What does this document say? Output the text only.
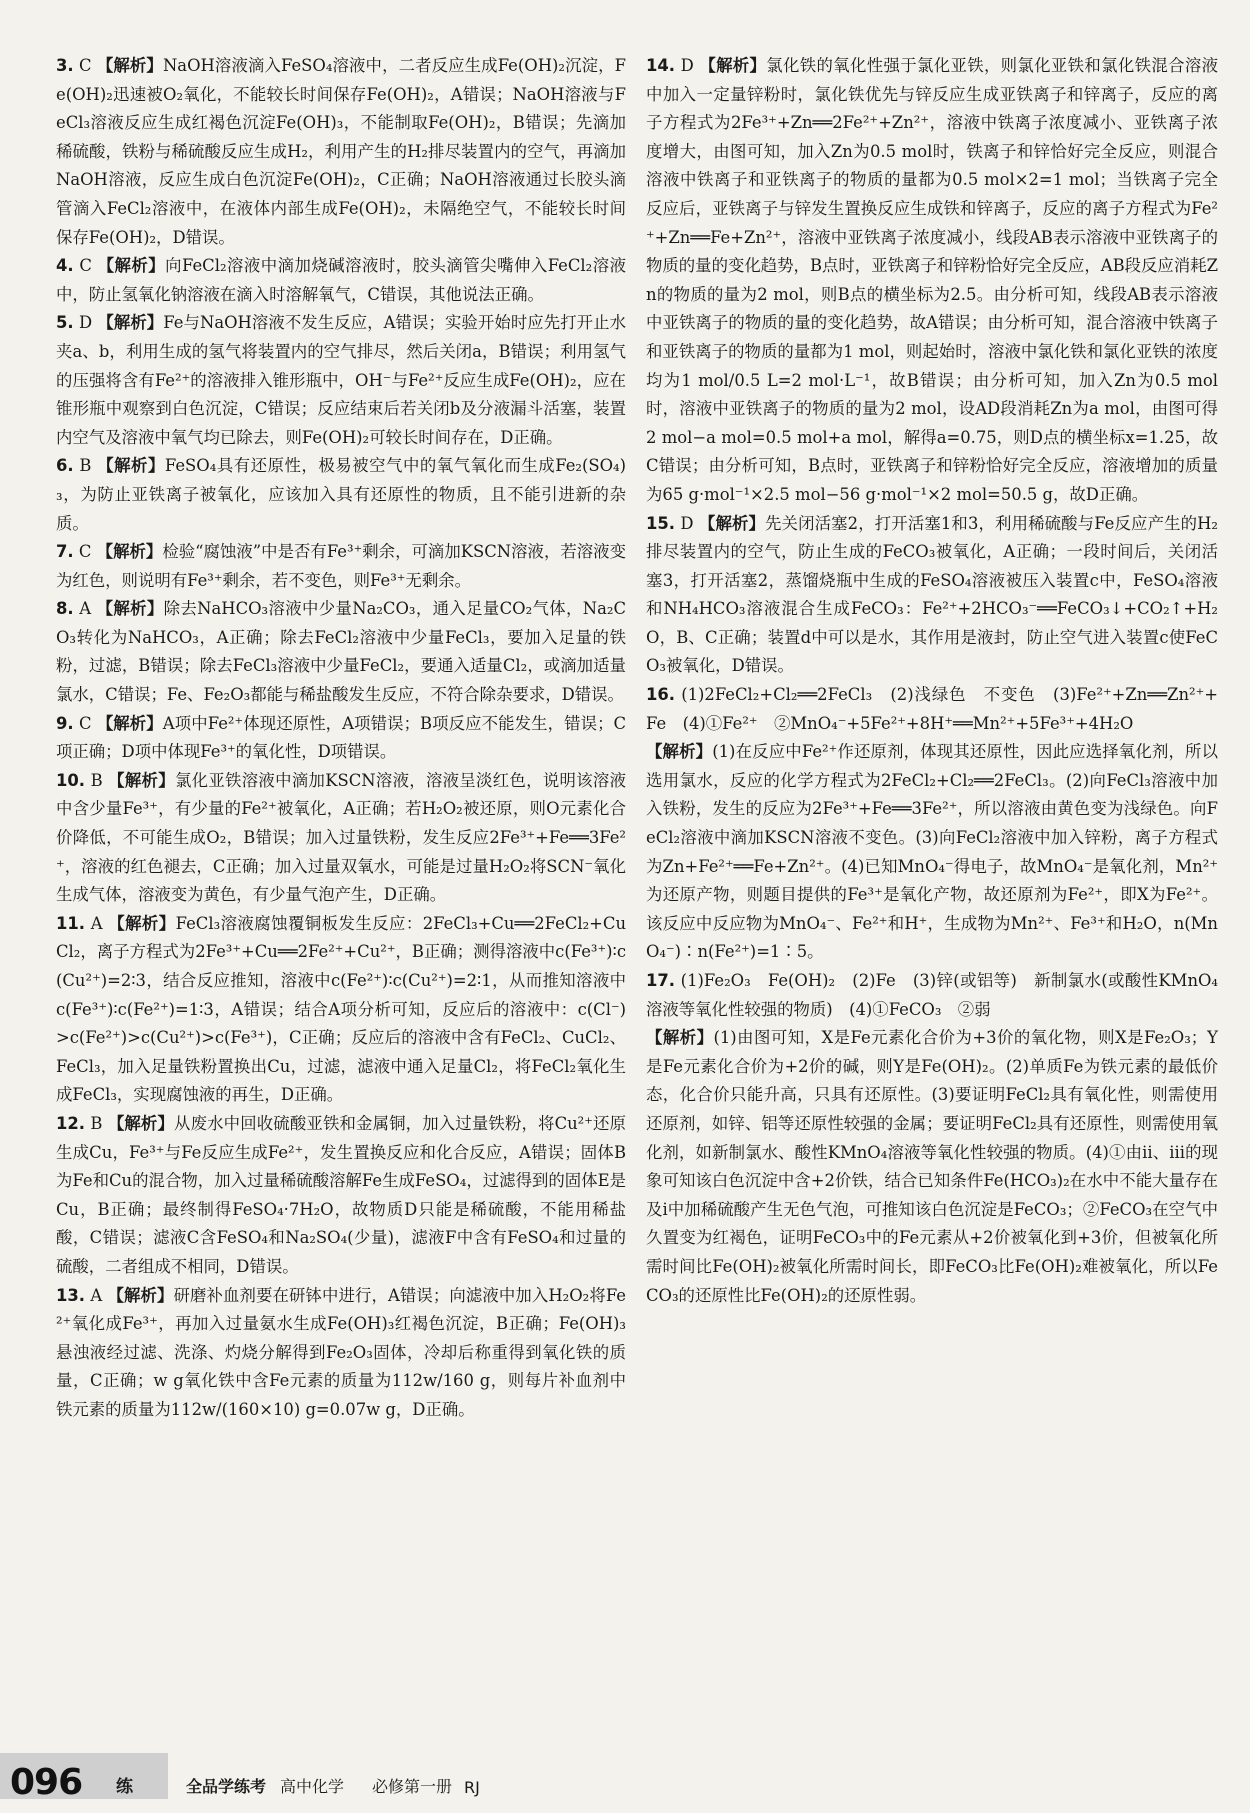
3. C 【解析】NaOH溶液滴入FeSO₄溶液中，二者反应生成Fe(OH)₂沉淀，Fe(OH)₂迅速被O₂氧化，不能较长时间保存Fe(OH)₂，A错误；NaOH溶液与FeCl₃溶液反应生成红褐色沉淀Fe(OH)₃，不能制取Fe(OH)₂，B错误；先滴加稀硫酸，铁粉与稀硫酸反应生成H₂，利用产生的H₂排尽装置内的空气，再滴加NaOH溶液，反应生成白色沉淀Fe(OH)₂，C正确；NaOH溶液通过长胶头滴管滴入FeCl₂溶液中，在液体内部生成Fe(OH)₂，未隔绝空气，不能较长时间保存Fe(OH)₂，D错误。

4. C 【解析】向FeCl₂溶液中滴加烧碱溶液时，胶头滴管尖嘴伸入FeCl₂溶液中，防止氢氧化钠溶液在滴入时溶解氧气，C错误，其他说法正确。

5. D 【解析】Fe与NaOH溶液不发生反应，A错误；实验开始时应先打开止水夹a、b，利用生成的氢气将装置内的空气排尽，然后关闭a，B错误；利用氢气的压强将含有Fe²⁺的溶液排入锥形瓶中，OH⁻与Fe²⁺反应生成Fe(OH)₂，应在锥形瓶中观察到白色沉淀，C错误；反应结束后若关闭b及分液漏斗活塞，装置内空气及溶液中氧气均已除去，则Fe(OH)₂可较长时间存在，D正确。

6. B 【解析】FeSO₄具有还原性，极易被空气中的氧气氧化而生成Fe₂(SO₄)₃，为防止亚铁离子被氧化，应该加入具有还原性的物质，且不能引进新的杂质。

7. C 【解析】检验“腐蚀液”中是否有Fe³⁺剩余，可滴加KSCN溶液，若溶液变为红色，则说明有Fe³⁺剩余，若不变色，则Fe³⁺无剩余。

8. A 【解析】除去NaHCO₃溶液中少量Na₂CO₃，通入足量CO₂气体，Na₂CO₃转化为NaHCO₃，A正确；除去FeCl₂溶液中少量FeCl₃，要加入足量的铁粉，过滤，B错误；除去FeCl₃溶液中少量FeCl₂，要通入适量Cl₂，或滴加适量氯水，C错误；Fe、Fe₂O₃都能与稀盐酸发生反应，不符合除杂要求，D错误。

9. C 【解析】A项中Fe²⁺体现还原性，A项错误；B项反应不能发生，错误；C项正确；D项中体现Fe³⁺的氧化性，D项错误。

10. B 【解析】氯化亚铁溶液中滴加KSCN溶液，溶液呈淡红色，说明该溶液中含少量Fe³⁺，有少量的Fe²⁺被氧化，A正确；若H₂O₂被还原，则O元素化合价降低，不可能生成O₂，B错误；加入过量铁粉，发生反应2Fe³⁺+Fe══3Fe²⁺，溶液的红色褪去，C正确；加入过量双氧水，可能是过量H₂O₂将SCN⁻氧化生成气体，溶液变为黄色，有少量气泡产生，D正确。

11. A 【解析】FeCl₃溶液腐蚀覆铜板发生反应：2FeCl₃+Cu══2FeCl₂+CuCl₂，离子方程式为2Fe³⁺+Cu══2Fe²⁺+Cu²⁺，B正确；测得溶液中c(Fe³⁺)∶c(Cu²⁺)=2∶3，结合反应推知，溶液中c(Fe²⁺)∶c(Cu²⁺)=2∶1，从而推知溶液中c(Fe³⁺)∶c(Fe²⁺)=1∶3，A错误；结合A项分析可知，反应后的溶液中：c(Cl⁻)>c(Fe²⁺)>c(Cu²⁺)>c(Fe³⁺)，C正确；反应后的溶液中含有FeCl₂、CuCl₂、FeCl₃，加入足量铁粉置换出Cu，过滤，滤液中通入足量Cl₂，将FeCl₂氧化生成FeCl₃，实现腐蚀液的再生，D正确。

12. B 【解析】从废水中回收硫酸亚铁和金属铜，加入过量铁粉，将Cu²⁺还原生成Cu，Fe³⁺与Fe反应生成Fe²⁺，发生置换反应和化合反应，A错误；固体B为Fe和Cu的混合物，加入过量稀硫酸溶解Fe生成FeSO₄，过滤得到的固体E是Cu，B正确；最终制得FeSO₄·7H₂O，故物质D只能是稀硫酸，不能用稀盐酸，C错误；滤液C含FeSO₄和Na₂SO₄(少量)，滤液F中含有FeSO₄和过量的硫酸，二者组成不相同，D错误。

13. A 【解析】研磨补血剂要在研钵中进行，A错误；向滤液中加入H₂O₂将Fe²⁺氧化成Fe³⁺，再加入过量氨水生成Fe(OH)₃红褐色沉淀，B正确；Fe(OH)₃悬浊液经过滤、洗涤、灼烧分解得到Fe₂O₃固体，冷却后称重得到氧化铁的质量，C正确；w g氧化铁中含Fe元素的质量为112w/160 g，则每片补血剂中铁元素的质量为112w/(160×10) g=0.07w g，D正确。

14. D 【解析】氯化铁的氧化性强于氯化亚铁，则氯化亚铁和氯化铁混合溶液中加入一定量锌粉时，氯化铁优先与锌反应生成亚铁离子和锌离子，反应的离子方程式为2Fe³⁺+Zn══2Fe²⁺+Zn²⁺，溶液中铁离子浓度减小、亚铁离子浓度增大，由图可知，加入Zn为0.5 mol时，铁离子和锌恰好完全反应，则混合溶液中铁离子和亚铁离子的物质的量都为0.5 mol×2=1 mol；当铁离子完全反应后，亚铁离子与锌发生置换反应生成铁和锌离子，反应的离子方程式为Fe²⁺+Zn══Fe+Zn²⁺，溶液中亚铁离子浓度减小，线段AB表示溶液中亚铁离子的物质的量的变化趋势，B点时，亚铁离子和锌粉恰好完全反应，AB段反应消耗Zn的物质的量为2 mol，则B点的横坐标为2.5。由分析可知，线段AB表示溶液中亚铁离子的物质的量的变化趋势，故A错误；由分析可知，混合溶液中铁离子和亚铁离子的物质的量都为1 mol，则起始时，溶液中氯化铁和氯化亚铁的浓度均为1 mol/0.5 L=2 mol·L⁻¹，故B错误；由分析可知，加入Zn为0.5 mol时，溶液中亚铁离子的物质的量为2 mol，设AD段消耗Zn为a mol，由图可得2 mol−a mol=0.5 mol+a mol，解得a=0.75，则D点的横坐标x=1.25，故C错误；由分析可知，B点时，亚铁离子和锌粉恰好完全反应，溶液增加的质量为65 g·mol⁻¹×2.5 mol−56 g·mol⁻¹×2 mol=50.5 g，故D正确。

15. D 【解析】先关闭活塞2，打开活塞1和3，利用稀硫酸与Fe反应产生的H₂排尽装置内的空气，防止生成的FeCO₃被氧化，A正确；一段时间后，关闭活塞3，打开活塞2，蒸馏烧瓶中生成的FeSO₄溶液被压入装置c中，FeSO₄溶液和NH₄HCO₃溶液混合生成FeCO₃：Fe²⁺+2HCO₃⁻══FeCO₃↓+CO₂↑+H₂O，B、C正确；装置d中可以是水，其作用是液封，防止空气进入装置c使FeCO₃被氧化，D错误。

16. (1)2FeCl₂+Cl₂══2FeCl₃　(2)浅绿色　不变色　(3)Fe²⁺+Zn══Zn²⁺+Fe　(4)①Fe²⁺　②MnO₄⁻+5Fe²⁺+8H⁺══Mn²⁺+5Fe³⁺+4H₂O
【解析】(1)在反应中Fe²⁺作还原剂，体现其还原性，因此应选择氧化剂，所以选用氯水，反应的化学方程式为2FeCl₂+Cl₂══2FeCl₃。(2)向FeCl₃溶液中加入铁粉，发生的反应为2Fe³⁺+Fe══3Fe²⁺，所以溶液由黄色变为浅绿色。向FeCl₂溶液中滴加KSCN溶液不变色。(3)向FeCl₂溶液中加入锌粉，离子方程式为Zn+Fe²⁺══Fe+Zn²⁺。(4)已知MnO₄⁻得电子，故MnO₄⁻是氧化剂，Mn²⁺为还原产物，则题目提供的Fe³⁺是氧化产物，故还原剂为Fe²⁺，即X为Fe²⁺。该反应中反应物为MnO₄⁻、Fe²⁺和H⁺，生成物为Mn²⁺、Fe³⁺和H₂O，n(MnO₄⁻)∶n(Fe²⁺)=1∶5。

17. (1)Fe₂O₃　Fe(OH)₂　(2)Fe　(3)锌(或铝等)　新制氯水(或酸性KMnO₄溶液等氧化性较强的物质)　(4)①FeCO₃　②弱
【解析】(1)由图可知，X是Fe元素化合价为+3价的氧化物，则X是Fe₂O₃；Y是Fe元素化合价为+2价的碱，则Y是Fe(OH)₂。(2)单质Fe为铁元素的最低价态，化合价只能升高，只具有还原性。(3)要证明FeCl₂具有氧化性，则需使用还原剂，如锌、铝等还原性较强的金属；要证明FeCl₂具有还原性，则需使用氧化剂，如新制氯水、酸性KMnO₄溶液等氧化性较强的物质。(4)①由ⅱ、ⅲ的现象可知该白色沉淀中含+2价铁，结合已知条件Fe(HCO₃)₂在水中不能大量存在及ⅰ中加稀硫酸产生无色气泡，可推知该白色沉淀是FeCO₃；②FeCO₃在空气中久置变为红褐色，证明FeCO₃中的Fe元素从+2价被氧化到+3价，但被氧化所需时间比Fe(OH)₂被氧化所需时间长，即FeCO₃比Fe(OH)₂难被氧化，所以FeCO₃的还原性比Fe(OH)₂的还原性弱。

096 练	全品学练考 高中化学 必修第一册 RJ
